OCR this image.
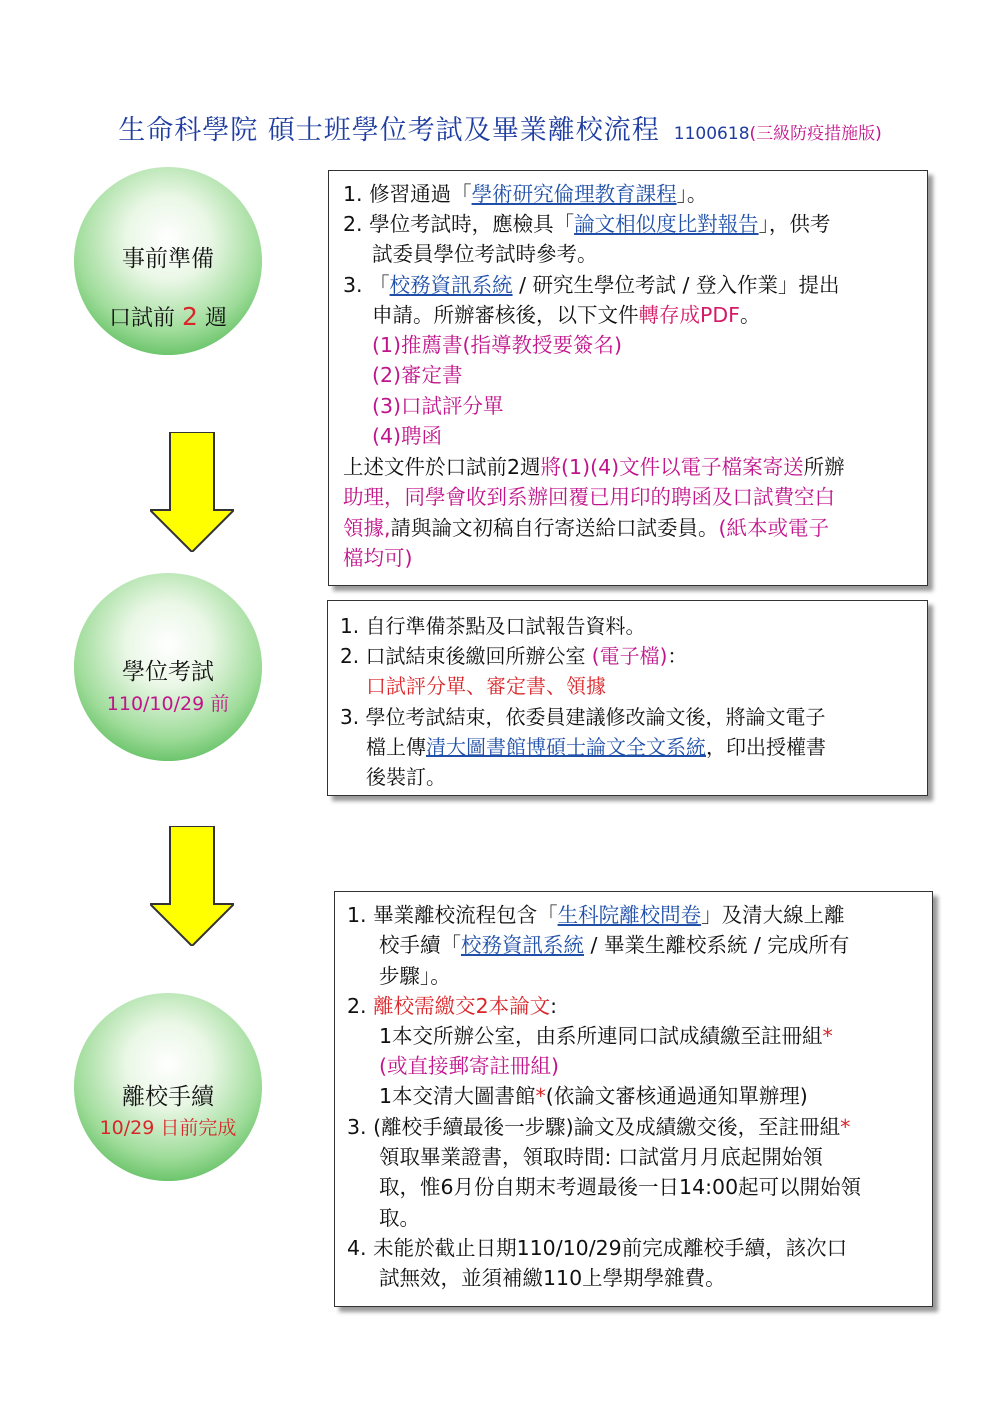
生命科學院 碩士班學位考試及畢業離校流程 1100618(三級防疫措施版)
事前準備
口試前 2 週
學位考試
110/10/29 前
離校手續
10/29 日前完成
1. 修習通過「學術研究倫理教育課程」。
2. 學位考試時，應檢具「論文相似度比對報告」，供考
試委員學位考試時參考。
3. 「校務資訊系統 / 研究生學位考試 / 登入作業」提出
申請。所辦審核後，以下文件轉存成PDF。
(1)推薦書(指導教授要簽名)
(2)審定書
(3)口試評分單
(4)聘函
上述文件於口試前2週將(1)(4)文件以電子檔案寄送所辦
助理，同學會收到系辦回覆已用印的聘函及口試費空白
領據,請與論文初稿自行寄送給口試委員。(紙本或電子
檔均可)
1. 自行準備茶點及口試報告資料。
2. 口試結束後繳回所辦公室 (電子檔)：
口試評分單、審定書、領據
3. 學位考試結束，依委員建議修改論文後，將論文電子
檔上傳清大圖書館博碩士論文全文系統，印出授權書
後裝訂。
1. 畢業離校流程包含「生科院離校問卷」及清大線上離
校手續「校務資訊系統 / 畢業生離校系統 / 完成所有
步驟」。
2. 離校需繳交2本論文:
1本交所辦公室，由系所連同口試成績繳至註冊組*
(或直接郵寄註冊組)
1本交清大圖書館*(依論文審核通過通知單辦理)
3. (離校手續最後一步驟)論文及成績繳交後，至註冊組*
領取畢業證書，領取時間: 口試當月月底起開始領
取，惟6月份自期末考週最後一日14:00起可以開始領
取。
4. 未能於截止日期110/10/29前完成離校手續，該次口
試無效，並須補繳110上學期學雜費。
